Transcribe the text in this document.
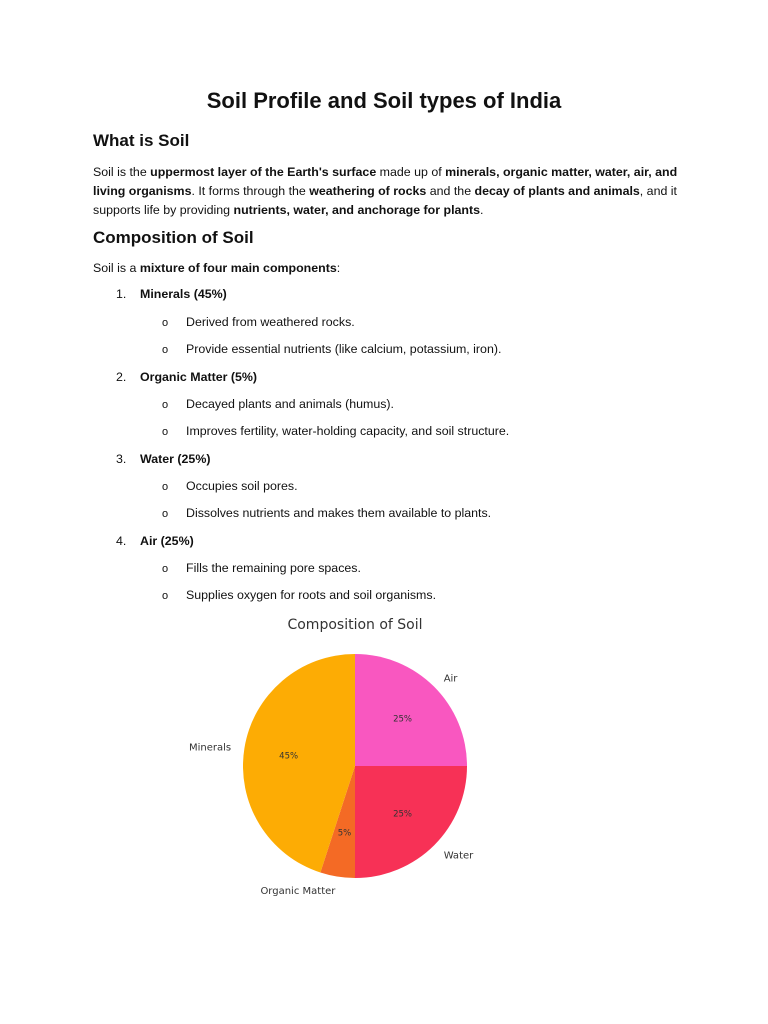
Soil Profile and Soil types of India
What is Soil

Soil is the uppermost layer of the Earth's surface made up of minerals, organic matter, water, air, and living organisms. It forms through the weathering of rocks and the decay of plants and animals, and it supports life by providing nutrients, water, and anchorage for plants.

Composition of Soil

Soil is a mixture of four main components:

1. Minerals (45%)
o Derived from weathered rocks.
o Provide essential nutrients (like calcium, potassium, iron).
2. Organic Matter (5%)
o Decayed plants and animals (humus).
o Improves fertility, water-holding capacity, and soil structure.
3. Water (25%)
o Occupies soil pores.
o Dissolves nutrients and makes them available to plants.
4. Air (25%)
o Fills the remaining pore spaces.
o Supplies oxygen for roots and soil organisms.
Composition of Soil
25%
25%
5%
45%
Air
Water
Organic Matter
Minerals
